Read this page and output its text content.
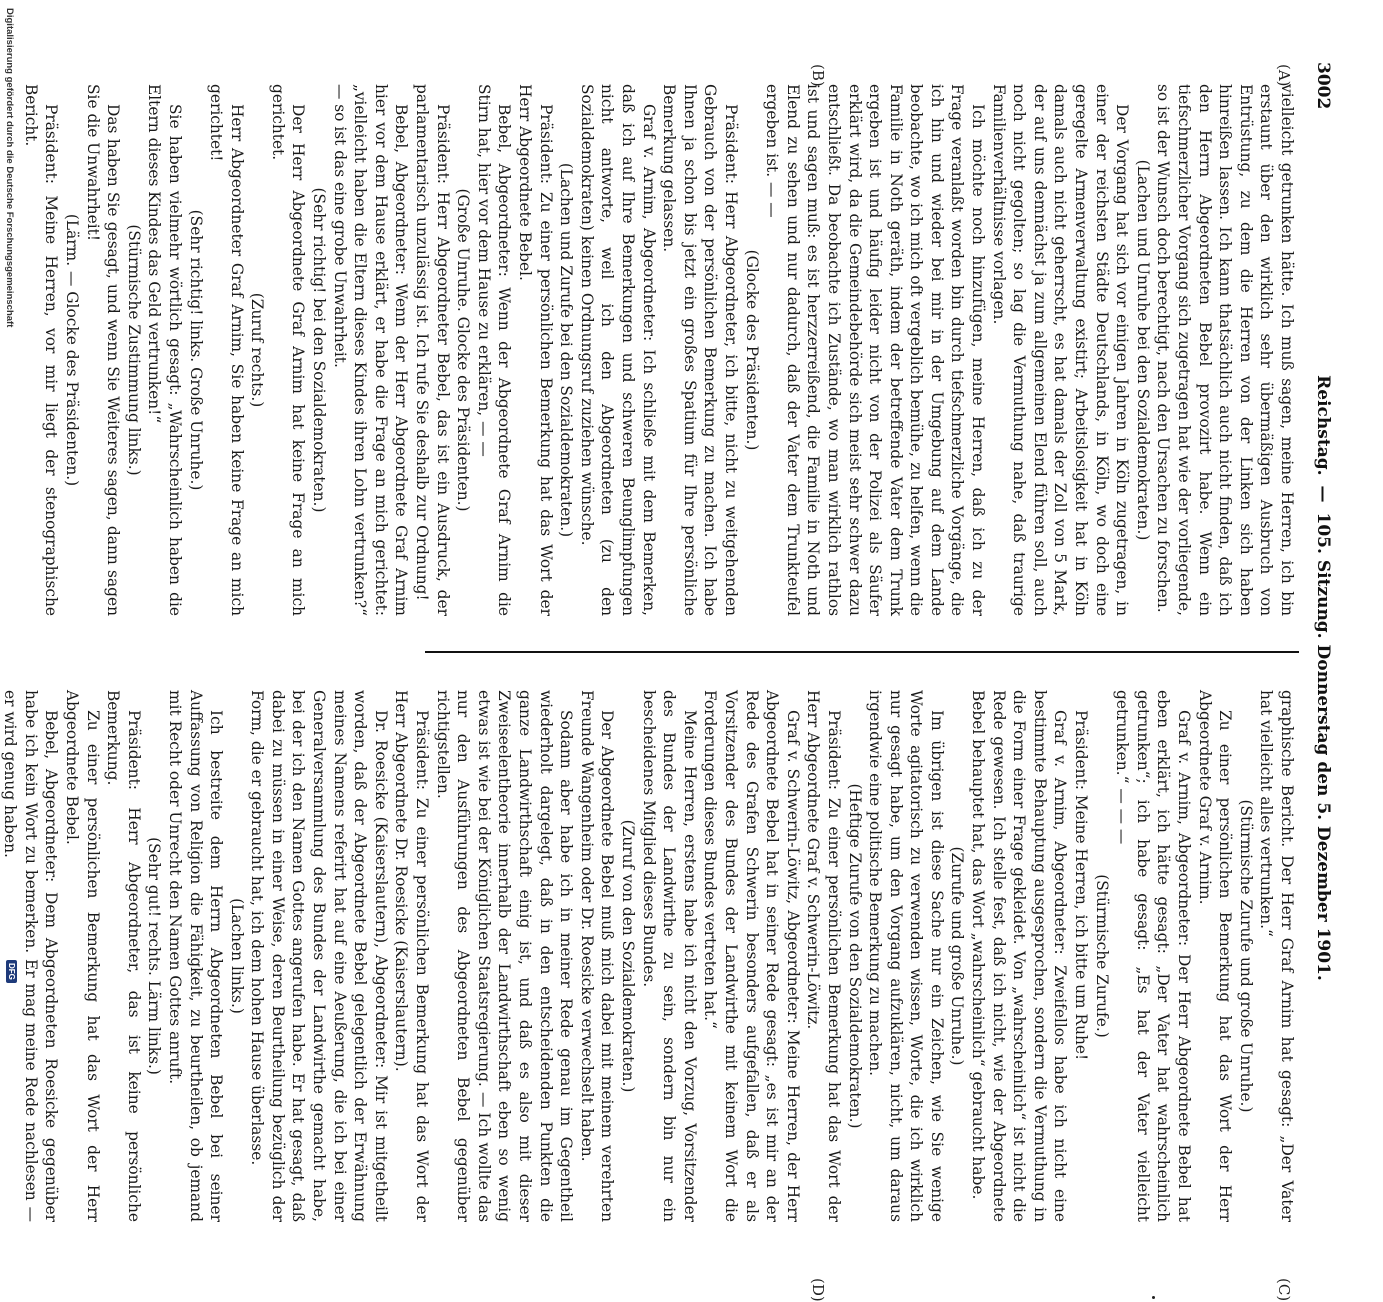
3002
Reichstag.—105. Sitzung. Donnerstag den 5. Dezember 1901.
(A)
(B)
(C)
(D)

vielleicht getrunken hätte. Ich muß sagen, meine Herren, ich bin erstaunt über den wirklich sehr übermäßigen Ausbruch von Entrüstung, zu dem die Herren von der Linken sich haben hinreißen lassen. Ich kann thatsächlich auch nicht finden, daß ich den Herrn Abgeordneten Bebel provozirt habe. Wenn ein tiefschmerzlicher Vorgang sich zugetragen hat wie der vorliegende, so ist der Wunsch doch berechtigt, nach den Ursachen zu forschen.

(Lachen und Unruhe bei den Sozialdemokraten.)

Der Vorgang hat sich vor einigen Jahren in Köln zugetragen, in einer der reichsten Städte Deutschlands, in Köln, wo doch eine geregelte Armenverwaltung existirt; Arbeitslosigkeit hat in Köln damals auch nicht geherrscht, es hat damals der Zoll von 5 Mark, der auf uns demnächst ja zum allgemeinen Elend führen soll, auch noch nicht gegolten; so lag die Vermuthung nahe, daß traurige Familienverhältnisse vorlagen.

Ich möchte noch hinzufügen, meine Herren, daß ich zu der Frage veranlaßt worden bin durch tiefschmerzliche Vorgänge, die ich hin und wieder bei mir in der Umgebung auf dem Lande beobachte, wo ich mich oft vergeblich bemühe, zu helfen, wenn die Familie in Noth geräth, indem der betreffende Vater dem Trunk ergeben ist und häufig leider nicht von der Polizei als Säufer erklärt wird, da die Gemeindebehörde sich meist sehr schwer dazu entschließt. Da beobachte ich Zustände, wo man wirklich rathlos ist und sagen muß: es ist herzzerreißend, die Familie in Noth und Elend zu sehen und nur dadurch, daß der Vater dem Trunkteufel ergeben ist. — —

(Glocke des Präsidenten.)

Präsident: Herr Abgeordneter, ich bitte, nicht zu weitgehenden Gebrauch von der persönlichen Bemerkung zu machen. Ich habe Ihnen ja schon bis jetzt ein großes Spatium für Ihre persönliche Bemerkung gelassen.

Graf v. Arnim, Abgeordneter: Ich schließe mit dem Bemerken, daß ich auf Ihre Bemerkungen und schweren Beunglimpfungen nicht antworte, weil ich den Abgeordneten (zu den Sozialdemokraten) keinen Ordnungsruf zuziehen wünsche.

(Lachen und Zurufe bei den Sozialdemokraten.)

Präsident: Zu einer persönlichen Bemerkung hat das Wort der Herr Abgeordnete Bebel.

Bebel, Abgeordneter: Wenn der Abgeordnete Graf Arnim die Stirn hat, hier vor dem Hause zu erklären, — —

(Große Unruhe. Glocke des Präsidenten.)

Präsident: Herr Abgeordneter Bebel, das ist ein Ausdruck, der parlamentarisch unzulässig ist. Ich rufe Sie deshalb zur Ordnung!

Bebel, Abgeordneter: Wenn der Herr Abgeordnete Graf Arnim hier vor dem Hause erklärt, er habe die Frage an mich gerichtet: „vielleicht haben die Eltern dieses Kindes ihren Lohn vertrunken?“ — so ist das eine grobe Unwahrheit.

(Sehr richtig! bei den Sozialdemokraten.)

Der Herr Abgeordnete Graf Arnim hat keine Frage an mich gerichtet.

(Zuruf rechts.)

Herr Abgeordneter Graf Arnim, Sie haben keine Frage an mich gerichtet!

(Sehr richtig! links. Große Unruhe.)

Sie haben vielmehr wörtlich gesagt: „Wahrscheinlich haben die Eltern dieses Kindes das Geld vertrunken!“

(Stürmische Zustimmung links.)

Das haben Sie gesagt, und wenn Sie Weiteres sagen, dann sagen Sie die Unwahrheit!

(Lärm. — Glocke des Präsidenten.)

Präsident: Meine Herren, vor mir liegt der stenographische Bericht.

graphische Bericht. Der Herr Graf Arnim hat gesagt: „Der Vater hat vielleicht alles vertrunken.“

(Stürmische Zurufe und große Unruhe.)

Zu einer persönlichen Bemerkung hat das Wort der Herr Abgeordnete Graf v. Arnim.

Graf v. Arnim, Abgeordneter: Der Herr Abgeordnete Bebel hat eben erklärt, ich hätte gesagt: „Der Vater hat wahrscheinlich getrunken“; ich habe gesagt: „Es hat der Vater vielleicht getrunken.“ — — —

(Stürmische Zurufe.)

Präsident: Meine Herren, ich bitte um Ruhe!

Graf v. Arnim, Abgeordneter: Zweifellos habe ich nicht eine bestimmte Behauptung ausgesprochen, sondern die Vermuthung in die Form einer Frage gekleidet. Von „wahrscheinlich“ ist nicht die Rede gewesen. Ich stelle fest, daß ich nicht, wie der Abgeordnete Bebel behauptet hat, das Wort „wahrscheinlich“ gebraucht habe.

(Zurufe und große Unruhe.)

Im übrigen ist diese Sache nur ein Zeichen, wie Sie wenige Worte agitatorisch zu verwenden wissen, Worte, die ich wirklich nur gesagt habe, um den Vorgang aufzuklären, nicht, um daraus irgendwie eine politische Bemerkung zu machen.

(Heftige Zurufe von den Sozialdemokraten.)

Präsident: Zu einer persönlichen Bemerkung hat das Wort der Herr Abgeordnete Graf v. Schwerin-Löwitz.

Graf v. Schwerin-Löwitz, Abgeordneter: Meine Herren, der Herr Abgeordnete Bebel hat in seiner Rede gesagt: „es ist mir an der Rede des Grafen Schwerin besonders aufgefallen, daß er als Vorsitzender des Bundes der Landwirthe mit keinem Wort die Forderungen dieses Bundes vertreten hat.“

Meine Herren, erstens habe ich nicht den Vorzug, Vorsitzender des Bundes der Landwirthe zu sein, sondern bin nur ein bescheidenes Mitglied dieses Bundes.

(Zuruf von den Sozialdemokraten.)

Der Abgeordnete Bebel muß mich dabei mit meinem verehrten Freunde Wangenheim oder Dr. Roesicke verwechselt haben.

Sodann aber habe ich in meiner Rede genau im Gegentheil wiederholt dargelegt, daß in den entscheidenden Punkten die ganze Landwirthschaft einig ist, und daß es also mit dieser Zweiseelentheorie innerhalb der Landwirthschaft eben so wenig etwas ist wie bei der Königlichen Staatsregierung. — Ich wollte das nur den Ausführungen des Abgeordneten Bebel gegenüber richtigstellen.

Präsident: Zu einer persönlichen Bemerkung hat das Wort der Herr Abgeordnete Dr. Roesicke (Kaiserslautern).

Dr. Roesicke (Kaiserslautern), Abgeordneter: Mir ist mitgetheilt worden, daß der Abgeordnete Bebel gelegentlich der Erwähnung meines Namens referirt hat auf eine Aeußerung, die ich bei einer Generalversammlung des Bundes der Landwirthe gemacht habe, bei der ich den Namen Gottes angerufen habe. Er hat gesagt, daß dabei zu müssen in einer Weise, deren Beurtheilung bezüglich der Form, die er gebraucht hat, ich dem hohen Hause überlasse.

(Lachen links.)

Ich bestreite dem Herrn Abgeordneten Bebel bei seiner Auffassung von Religion die Fähigkeit, zu beurtheilen, ob jemand mit Recht oder Unrecht den Namen Gottes anruft.

(Sehr gut! rechts. Lärm links.)

Präsident: Herr Abgeordneter, das ist keine persönliche Bemerkung.

Zu einer persönlichen Bemerkung hat das Wort der Herr Abgeordnete Bebel.

Bebel, Abgeordneter: Dem Abgeordneten Roesicke gegenüber habe ich kein Wort zu bemerken. Er mag meine Rede nachlesen — er wird genug haben.

Digitalisierung gefördert durch die Deutsche Forschungsgemeinschaft
DFG
